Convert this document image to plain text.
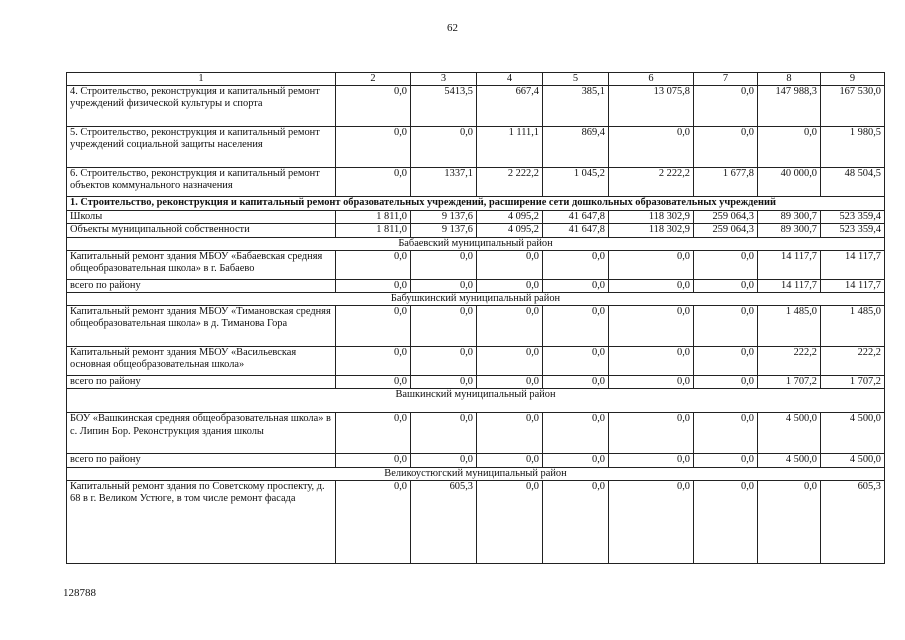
62
1	2	3	4	5	6	7	8	9
4. Строительство, реконструкция и капитальный ремонт учреждений физической культуры и спорта	0,0	5413,5	667,4	385,1	13 075,8	0,0	147 988,3	167 530,0
5. Строительство, реконструкция и капитальный ремонт учреждений социальной защиты населения	0,0	0,0	1 111,1	869,4	0,0	0,0	0,0	1 980,5
6. Строительство, реконструкция и капитальный ремонт объектов коммунального назначения	0,0	1337,1	2 222,2	1 045,2	2 222,2	1 677,8	40 000,0	48 504,5
1. Строительство, реконструкция и капитальный ремонт образовательных учреждений, расширение сети дошкольных образовательных учреждений								
Школы	1 811,0	9 137,6	4 095,2	41 647,8	118 302,9	259 064,3	89 300,7	523 359,4
Объекты муниципальной собственности	1 811,0	9 137,6	4 095,2	41 647,8	118 302,9	259 064,3	89 300,7	523 359,4
Бабаевский муниципальный район								
Капитальный ремонт здания МБОУ «Бабаевская средняя общеобразовательная школа» в г. Бабаево	0,0	0,0	0,0	0,0	0,0	0,0	14 117,7	14 117,7
всего по району	0,0	0,0	0,0	0,0	0,0	0,0	14 117,7	14 117,7
Бабушкинский муниципальный район								
Капитальный ремонт здания МБОУ «Тимановская средняя общеобразовательная школа» в д. Тиманова Гора	0,0	0,0	0,0	0,0	0,0	0,0	1 485,0	1 485,0
Капитальный ремонт здания МБОУ «Васильевская основная общеобразовательная школа»	0,0	0,0	0,0	0,0	0,0	0,0	222,2	222,2
всего по району	0,0	0,0	0,0	0,0	0,0	0,0	1 707,2	1 707,2
Вашкинский муниципальный район								
БОУ «Вашкинская средняя общеобразовательная школа» в с. Липин Бор. Реконструкция здания школы	0,0	0,0	0,0	0,0	0,0	0,0	4 500,0	4 500,0
всего по району	0,0	0,0	0,0	0,0	0,0	0,0	4 500,0	4 500,0
Великоустюгский муниципальный район								
Капитальный ремонт здания по Советскому проспекту, д. 68 в г. Великом Устюге, в том числе ремонт фасада	0,0	605,3	0,0	0,0	0,0	0,0	0,0	605,3
128788
